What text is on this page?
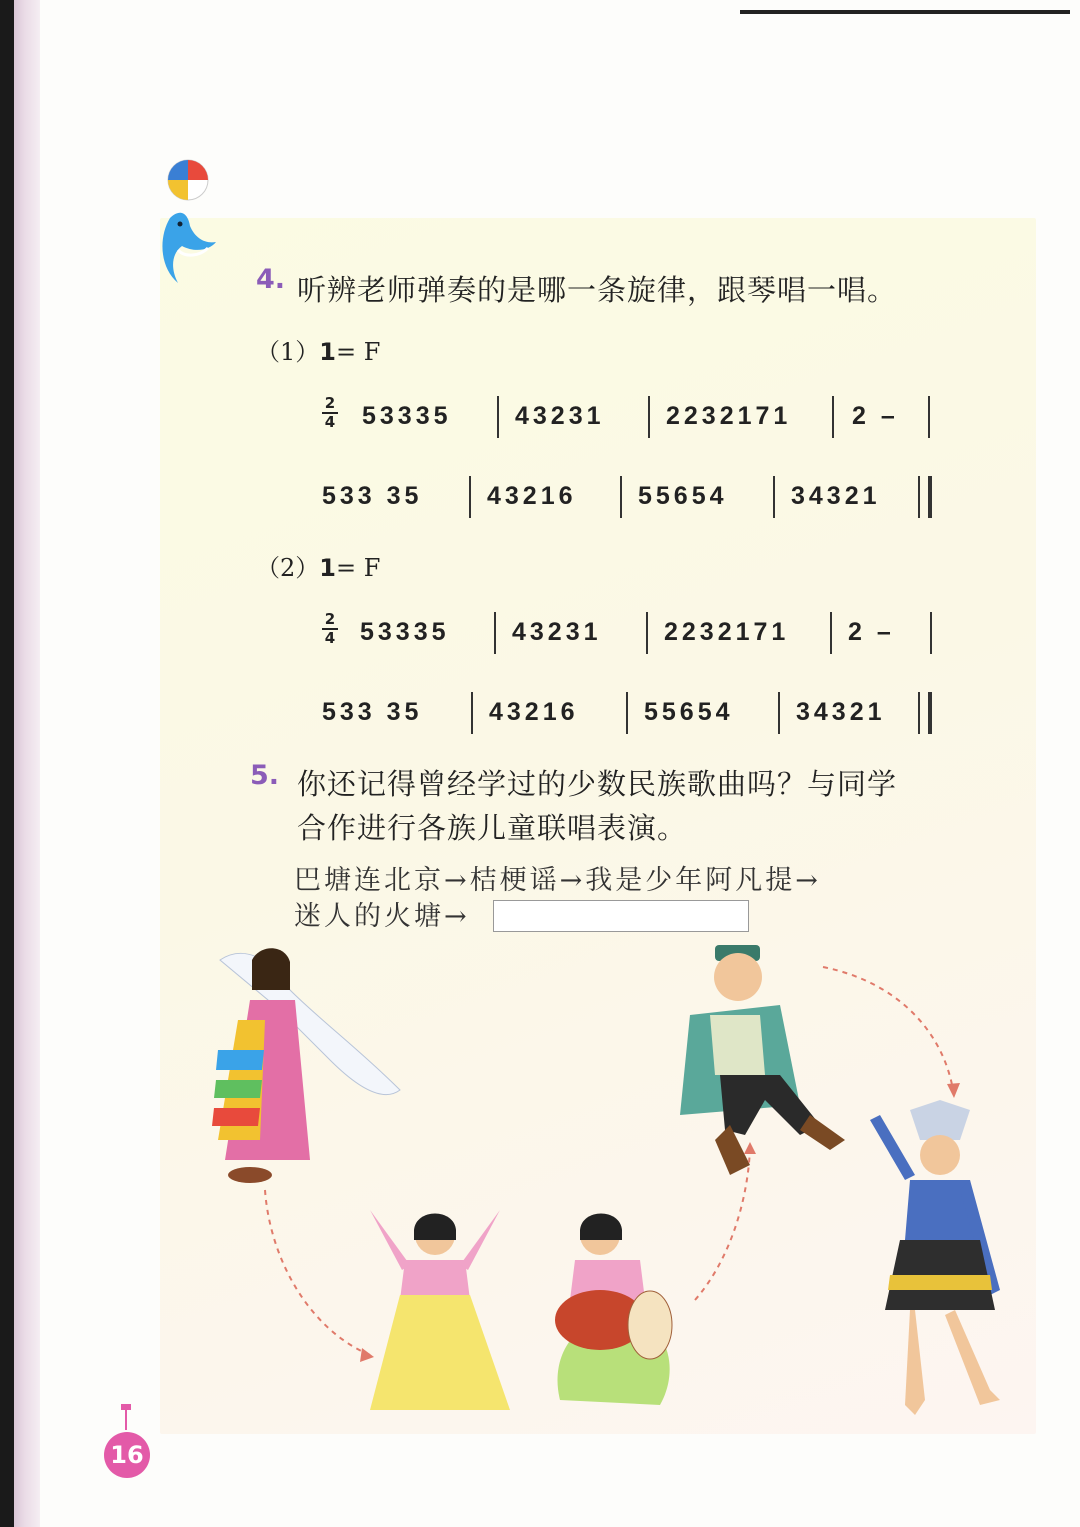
4. 听辨老师弹奏的是哪一条旋律，跟琴唱一唱。
（1）1= F
2
4 53335	43231 2232171 2 –
533 35	43216 55654	34321
（2）1= F
2
4 53335 43231 2232171 2 –
533 35	43216	55654 34321
5. 你还记得曾经学过的少数民族歌曲吗？与同学
合作进行各族儿童联唱表演。
巴塘连北京→桔梗谣→我是少年阿凡提→
迷人的火塘→
16
